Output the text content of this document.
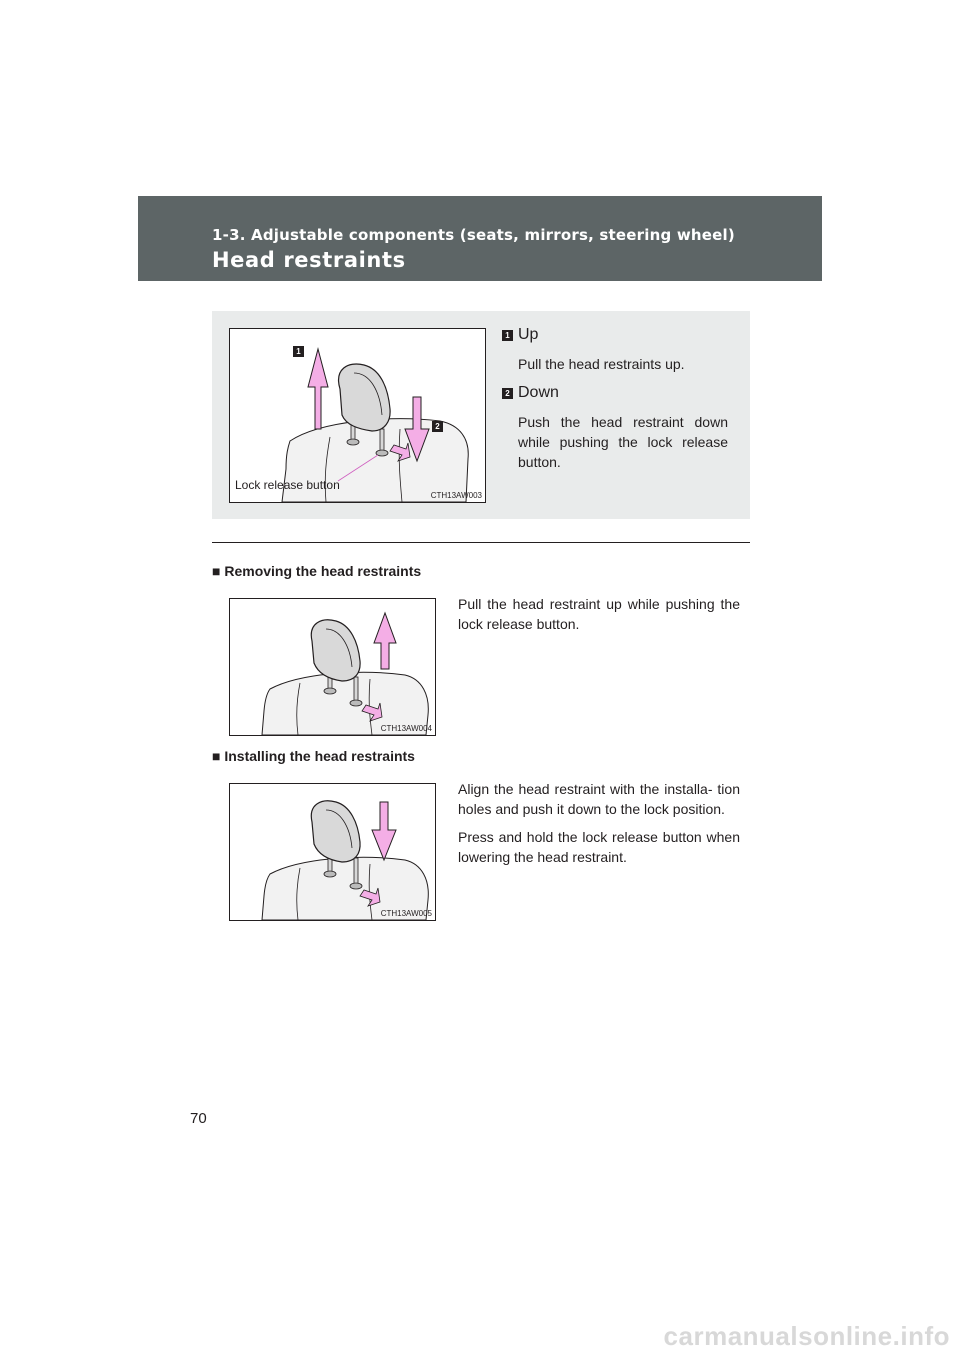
1-3. Adjustable components (seats, mirrors, steering wheel)
Head restraints
1
2
Lock release button
CTH13AW003
1 Up
Pull the head restraints up.
2 Down
Push the head restraint down while pushing the lock release button.
■ Removing the head restraints
CTH13AW004

Pull the head restraint up while pushing the lock release button.

■ Installing the head restraints
CTH13AW005

Align the head restraint with the installa- tion holes and push it down to the lock position.

Press and hold the lock release button when lowering the head restraint.

70
carmanualsonline.info
